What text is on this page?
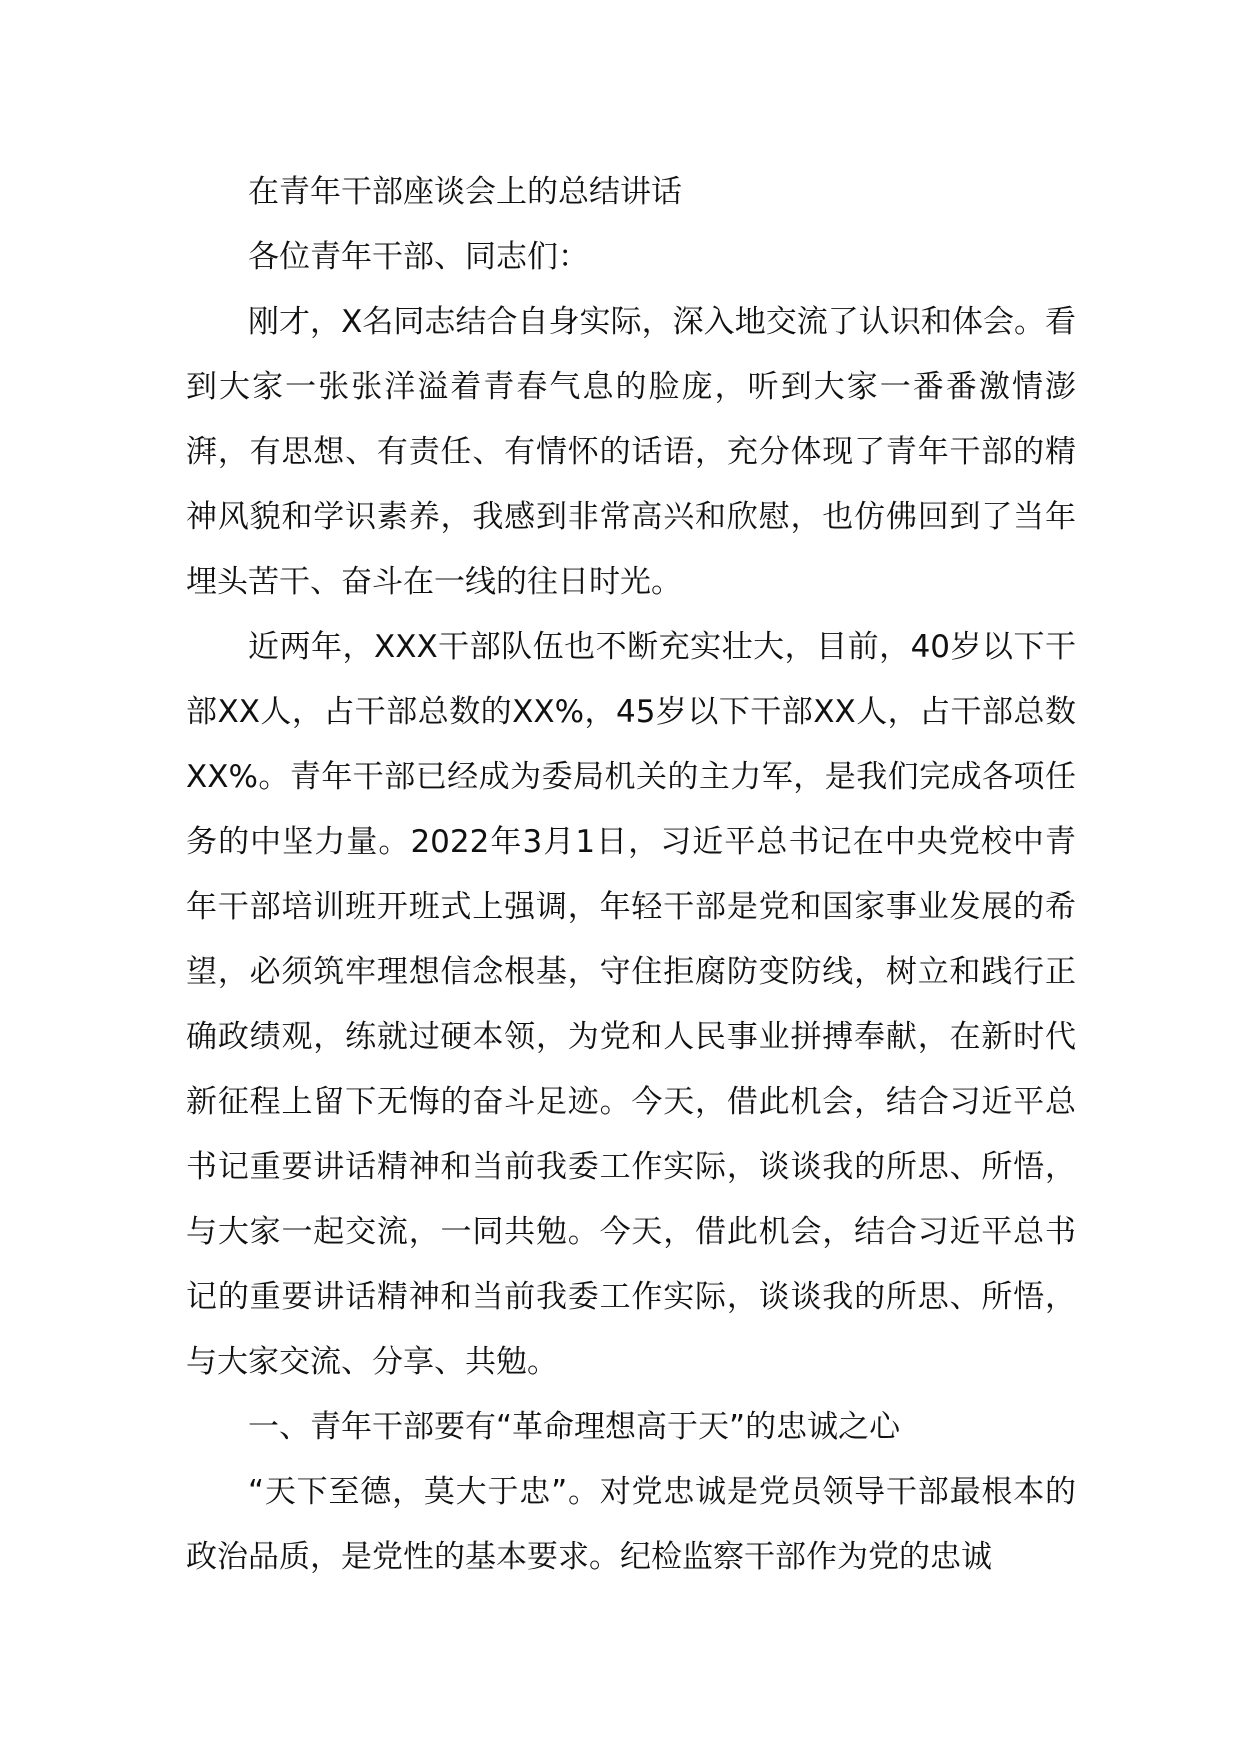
在青年干部座谈会上的总结讲话

各位青年干部、同志们：

刚才，X名同志结合自身实际，深入地交流了认识和体会。看到大家一张张洋溢着青春气息的脸庞，听到大家一番番激情澎湃，有思想、有责任、有情怀的话语，充分体现了青年干部的精神风貌和学识素养，我感到非常高兴和欣慰，也仿佛回到了当年埋头苦干、奋斗在一线的往日时光。

近两年，XXX干部队伍也不断充实壮大，目前，40岁以下干部XX人，占干部总数的XX%，45岁以下干部XX人，占干部总数XX%。青年干部已经成为委局机关的主力军，是我们完成各项任务的中坚力量。2022年3月1日，习近平总书记在中央党校中青年干部培训班开班式上强调，年轻干部是党和国家事业发展的希望，必须筑牢理想信念根基，守住拒腐防变防线，树立和践行正确政绩观，练就过硬本领，为党和人民事业拼搏奉献，在新时代新征程上留下无悔的奋斗足迹。今天，借此机会，结合习近平总书记重要讲话精神和当前我委工作实际，谈谈我的所思、所悟，与大家一起交流，一同共勉。今天，借此机会，结合习近平总书记的重要讲话精神和当前我委工作实际，谈谈我的所思、所悟，与大家交流、分享、共勉。

一、青年干部要有“革命理想高于天”的忠诚之心

“天下至德，莫大于忠”。对党忠诚是党员领导干部最根本的政治品质，是党性的基本要求。纪检监察干部作为党的忠诚
